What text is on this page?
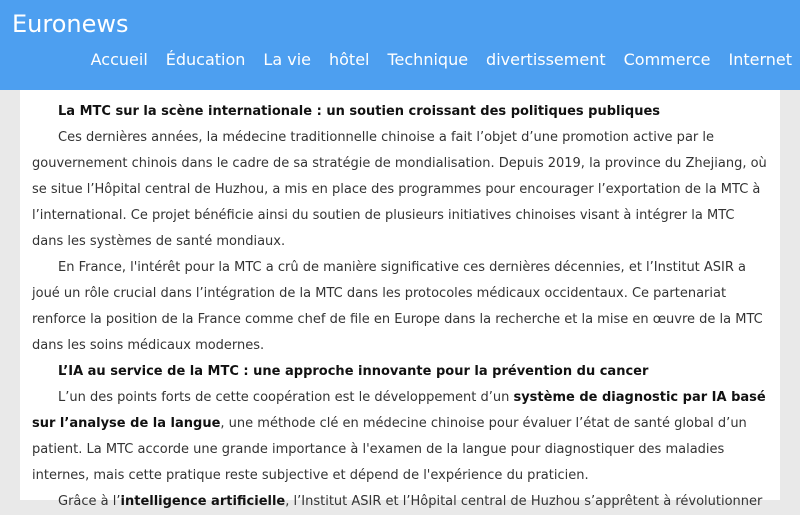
Euronews
Accueil Éducation La vie hôtel Technique divertissement Commerce Internet

La MTC sur la scène internationale : un soutien croissant des politiques publiques

Ces dernières années, la médecine traditionnelle chinoise a fait l’objet d’une promotion active par le gouvernement chinois dans le cadre de sa stratégie de mondialisation. Depuis 2019, la province du Zhejiang, où se situe l’Hôpital central de Huzhou, a mis en place des programmes pour encourager l’exportation de la MTC à l’international. Ce projet bénéficie ainsi du soutien de plusieurs initiatives chinoises visant à intégrer la MTC dans les systèmes de santé mondiaux.

En France, l'intérêt pour la MTC a crû de manière significative ces dernières décennies, et l’Institut ASIR a joué un rôle crucial dans l’intégration de la MTC dans les protocoles médicaux occidentaux. Ce partenariat renforce la position de la France comme chef de file en Europe dans la recherche et la mise en œuvre de la MTC dans les soins médicaux modernes.

L’IA au service de la MTC : une approche innovante pour la prévention du cancer

L’un des points forts de cette coopération est le développement d’un système de diagnostic par IA basé sur l’analyse de la langue, une méthode clé en médecine chinoise pour évaluer l’état de santé global d’un patient. La MTC accorde une grande importance à l'examen de la langue pour diagnostiquer des maladies internes, mais cette pratique reste subjective et dépend de l'expérience du praticien.

Grâce à l’intelligence artificielle, l’Institut ASIR et l’Hôpital central de Huzhou s’apprêtent à révolutionner
